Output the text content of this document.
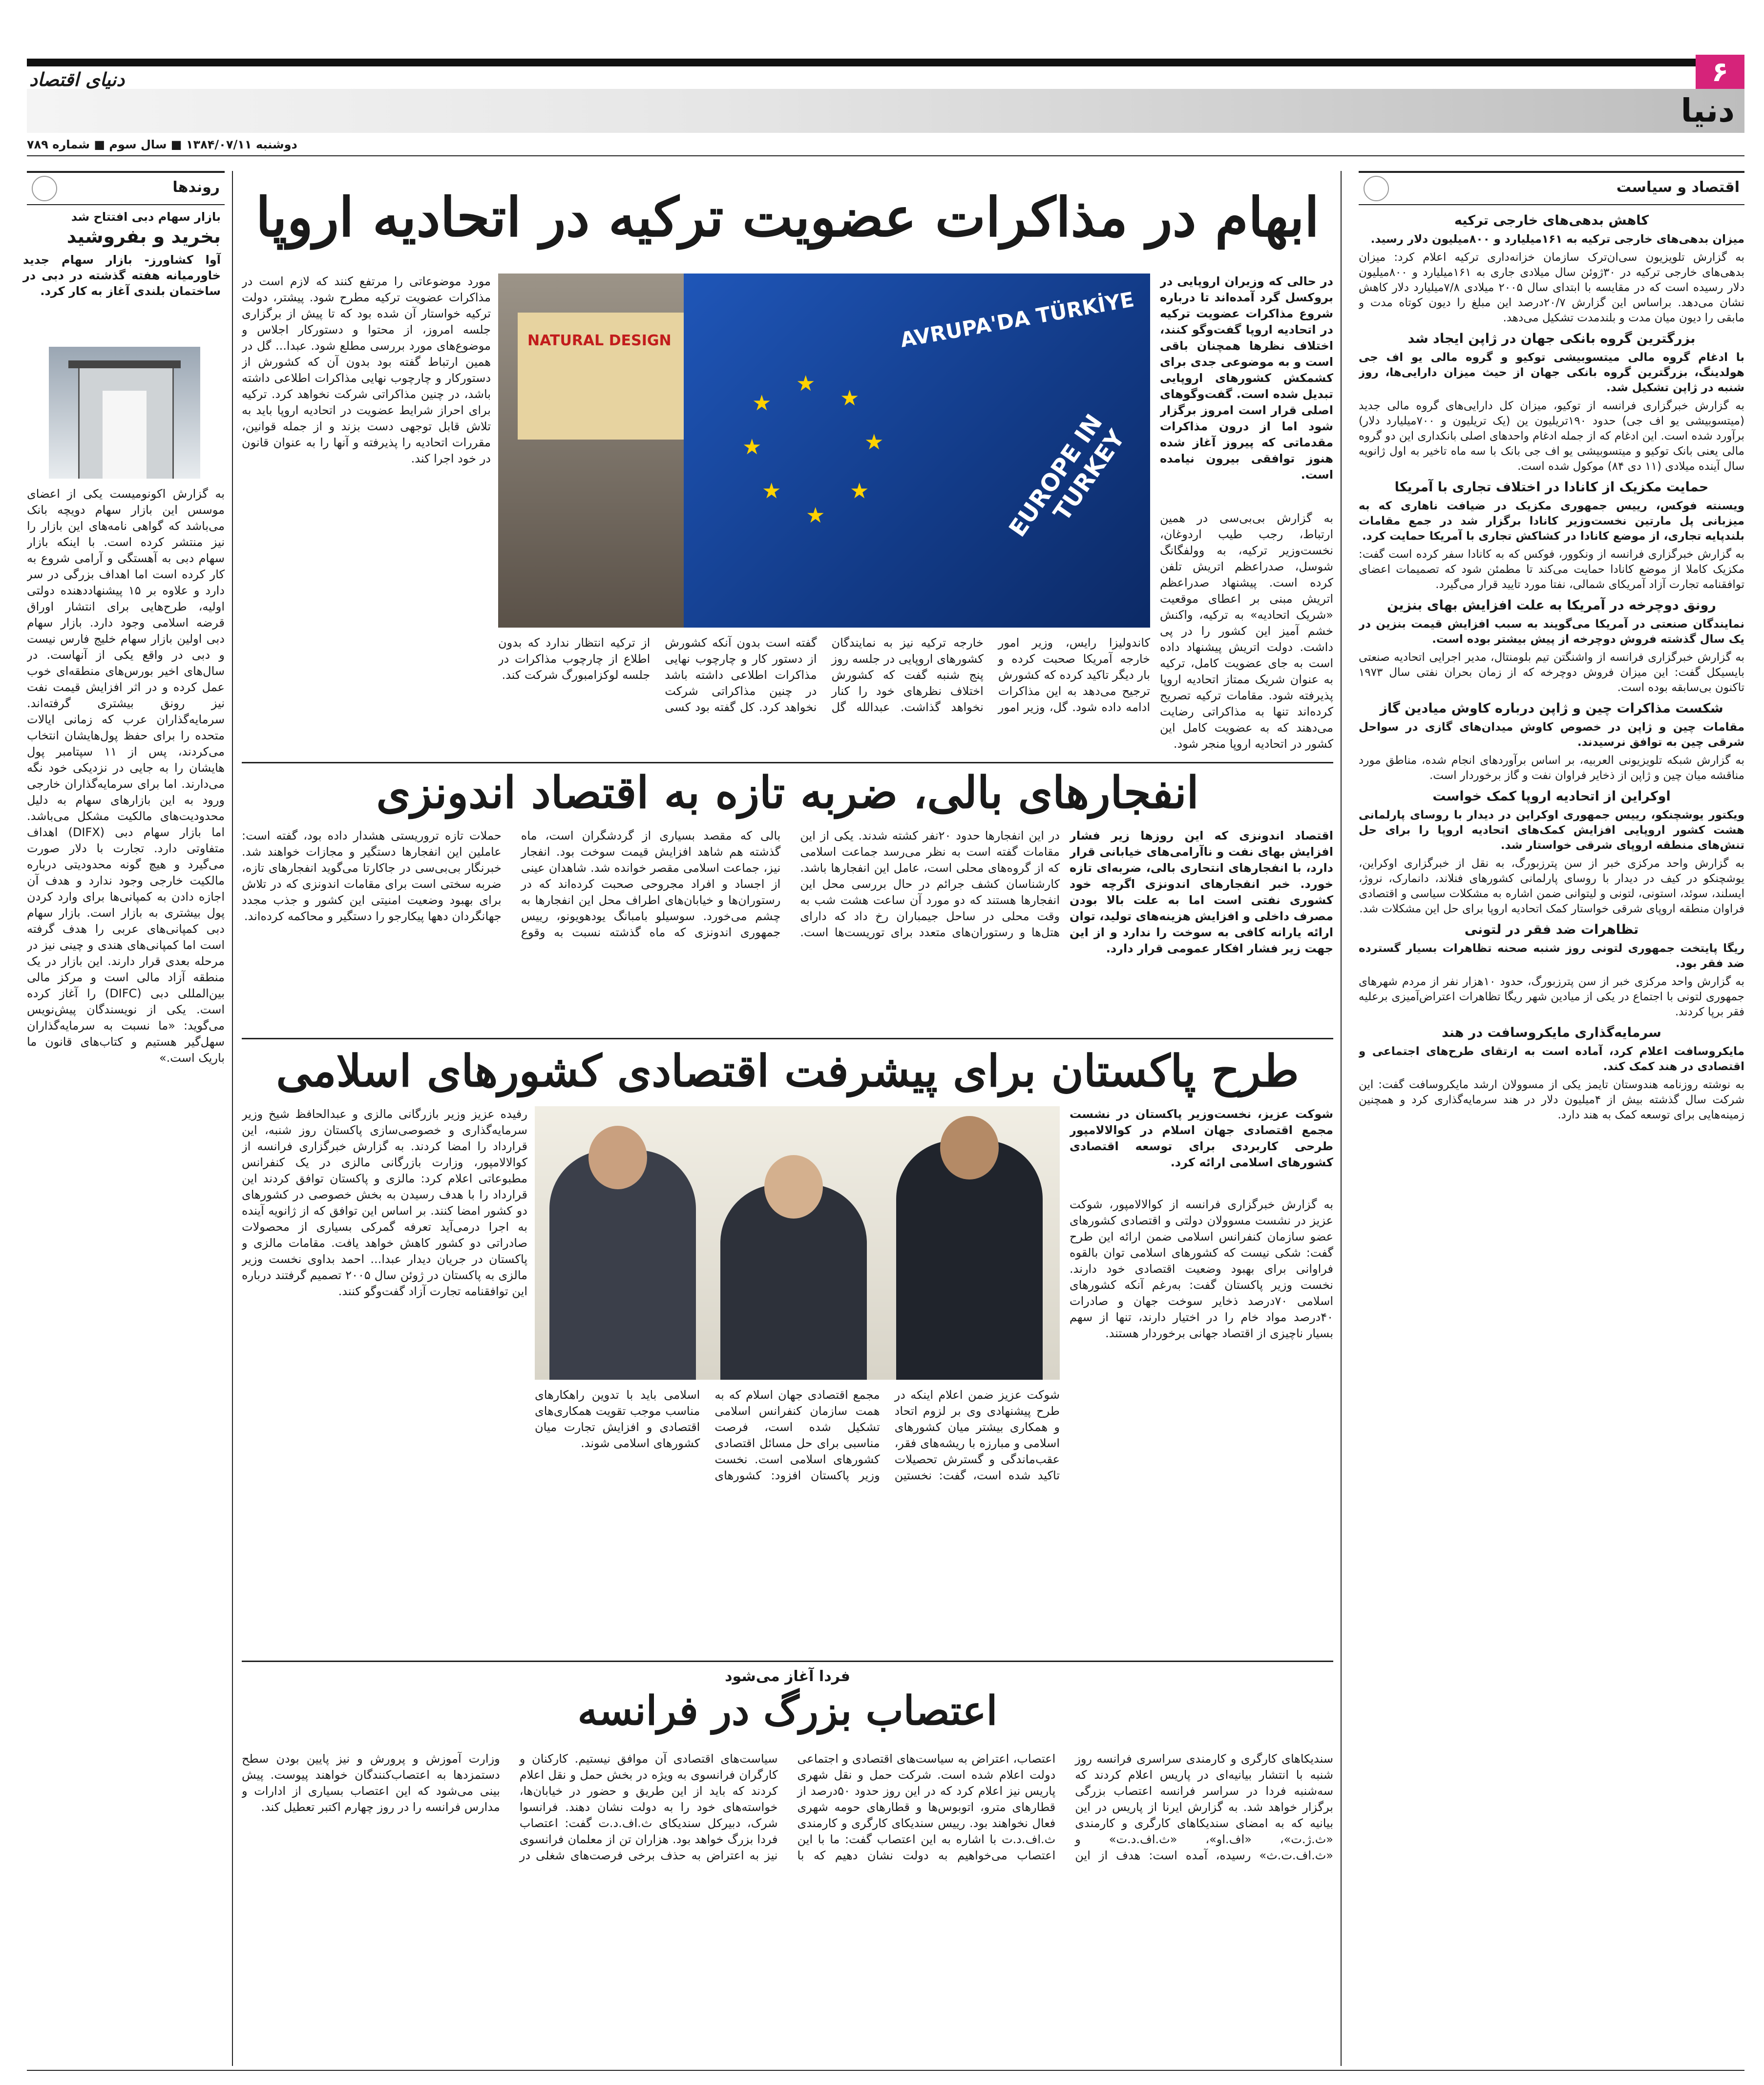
۶
دنیا
دنیای اقتصاد
دوشنبه ۱۳۸۴/۰۷/۱۱ ■ سال سوم ■ شماره ۷۸۹
اقتصاد و سیاست
کاهش بدهی‌های خارجی ترکیه

میزان بدهی‌های خارجی ترکیه به ۱۶۱میلیارد و ۸۰۰میلیون دلار رسید.

به گزارش تلویزیون سی‌ان‌ترک سازمان خزانه‌داری ترکیه اعلام کرد: میزان بدهی‌های خارجی ترکیه در ۳۰ژوئن سال میلادی جاری به ۱۶۱میلیارد و ۸۰۰میلیون دلار رسیده است که در مقایسه با ابتدای سال ۲۰۰۵ میلادی ۷/۸میلیارد دلار کاهش نشان می‌دهد. براساس این گزارش ۲۰/۷درصد این مبلغ را دیون کوتاه مدت و مابقی را دیون میان مدت و بلندمدت تشکیل می‌دهد.

بزرگترین گروه بانکی جهان در ژاپن ایجاد شد

با ادغام گروه مالی میتسوبیشی توکیو و گروه مالی یو اف جی هولدینگ، بزرگترین گروه بانکی جهان از حیث میزان دارایی‌ها، روز شنبه در ژاپن تشکیل شد.

به گزارش خبرگزاری فرانسه از توکیو، میزان کل دارایی‌های گروه مالی جدید (میتسوبیشی یو اف جی) حدود ۱۹۰تریلیون ین (یک تریلیون و ۷۰۰میلیارد دلار) برآورد شده است. این ادغام که از جمله ادغام واحدهای اصلی بانکداری این دو گروه مالی یعنی بانک توکیو و میتسوبیشی یو اف جی بانک با سه ماه تاخیر به اول ژانویه سال آینده میلادی (۱۱ دی ۸۴) موکول شده است.

حمایت مکزیک از کانادا در اختلاف تجاری با آمریکا

ویسنته فوکس، رییس جمهوری مکزیک در ضیافت ناهاری که به میزبانی پل مارتین نخست‌وزیر کانادا برگزار شد در جمع مقامات بلندپایه تجاری، از موضع کانادا در کشاکش تجاری با آمریکا حمایت کرد.

به گزارش خبرگزاری فرانسه از ونکوور، فوکس که به کانادا سفر کرده است گفت: مکزیک کاملا از موضع کانادا حمایت می‌کند تا مطمئن شود که تصمیمات اعضای توافقنامه تجارت آزاد آمریکای شمالی، نفتا مورد تایید قرار می‌گیرد.

رونق دوچرخه در آمریکا به علت افزایش بهای بنزین

نمایندگان صنعتی در آمریکا می‌گویند به سبب افزایش قیمت بنزین در یک سال گذشته فروش دوچرخه از پیش بیشتر بوده است.

به گزارش خبرگزاری فرانسه از واشنگتن تیم بلومنتال، مدیر اجرایی اتحادیه صنعتی بایسیکل گفت: این میزان فروش دوچرخه که از زمان بحران نفتی سال ۱۹۷۳ تاکنون بی‌سابقه بوده است.

شکست مذاکرات چین و ژاپن درباره کاوش میادین گاز

مقامات چین و ژاپن در خصوص کاوش میدان‌های گازی در سواحل شرقی چین به توافق نرسیدند.

به گزارش شبکه تلویزیونی العربیه، بر اساس برآوردهای انجام شده، مناطق مورد مناقشه میان چین و ژاپن از ذخایر فراوان نفت و گاز برخوردار است.

اوکراین از اتحادیه اروپا کمک خواست

ویکتور یوشچنکو، رییس جمهوری اوکراین در دیدار با روسای پارلمانی هشت کشور اروپایی افزایش کمک‌های اتحادیه اروپا را برای حل تنش‌های منطقه اروپای شرقی خواستار شد.

به گزارش واحد مرکزی خبر از سن پترزبورگ، به نقل از خبرگزاری اوکراین، یوشچنکو در کیف در دیدار با روسای پارلمانی کشورهای فنلاند، دانمارک، نروژ، ایسلند، سوئد، استونی، لتونی و لیتوانی ضمن اشاره به مشکلات سیاسی و اقتصادی فراوان منطقه اروپای شرقی خواستار کمک اتحادیه اروپا برای حل این مشکلات شد.

تظاهرات ضد فقر در لتونی

ریگا پایتخت جمهوری لتونی روز شنبه صحنه تظاهرات بسیار گسترده ضد فقر بود.

به گزارش واحد مرکزی خبر از سن پترزبورگ، حدود ۱۰هزار نفر از مردم شهرهای جمهوری لتونی با اجتماع در یکی از میادین شهر ریگا تظاهرات اعتراض‌آمیزی برعلیه فقر برپا کردند.

سرمایه‌گذاری مایکروسافت در هند

مایکروسافت اعلام کرد، آماده است به ارتقای طرح‌های اجتماعی و اقتصادی در هند کمک کند.

به نوشته روزنامه هندوستان تایمز یکی از مسوولان ارشد مایکروسافت گفت: این شرکت سال گذشته بیش از ۴میلیون دلار در هند سرمایه‌گذاری کرد و همچنین زمینه‌هایی برای توسعه کمک به هند دارد.

روندها
بازار سهام دبی افتتاح شد
بخرید و بفروشید
آوا کشاورز- بازار سهام جدید خاورمیانه هفته گذشته در دبی در ساختمان بلندی آغاز به کار کرد.
به گزارش اکونومیست یکی از اعضای موسس این بازار سهام دویچه بانک می‌باشد که گواهی نامه‌های این بازار را نیز منتشر کرده است. با اینکه بازار سهام دبی به آهستگی و آرامی شروع به کار کرده است اما اهداف بزرگی در سر دارد و علاوه بر ۱۵ پیشنهاددهنده دولتی اولیه، طرح‌هایی برای انتشار اوراق قرضه اسلامی وجود دارد. بازار سهام دبی اولین بازار سهام خلیج فارس نیست و دبی در واقع یکی از آنهاست. در سال‌های اخیر بورس‌های منطقه‌ای خوب عمل کرده و در اثر افزایش قیمت نفت نیز رونق بیشتری گرفته‌اند. سرمایه‌گذاران عرب که زمانی ایالات متحده را برای حفظ پول‌هایشان انتخاب می‌کردند، پس از ۱۱ سپتامبر پول هایشان را به جایی در نزدیکی خود نگه می‌دارند. اما برای سرمایه‌گذاران خارجی ورود به این بازارهای سهام به دلیل محدودیت‌های مالکیت مشکل می‌باشد. اما بازار سهام دبی (DIFX) اهداف متفاوتی دارد. تجارت با دلار صورت می‌گیرد و هیچ گونه محدودیتی درباره مالکیت خارجی وجود ندارد و هدف آن اجازه دادن به کمپانی‌ها برای وارد کردن پول بیشتری به بازار است. بازار سهام دبی کمپانی‌های عربی را هدف گرفته است اما کمپانی‌های هندی و چینی نیز در مرحله بعدی قرار دارند. این بازار در یک منطقه آزاد مالی است و مرکز مالی بین‌المللی دبی (DIFC) را آغاز کرده است. یکی از نویسندگان پیش‌نویس می‌گوید: «ما نسبت به سرمایه‌گذاران سهل‌گیر هستیم و کتاب‌های قانون ما باریک است.»
ابهام در مذاکرات عضویت ترکیه در اتحادیه اروپا
در حالی که وزیران اروپایی در بروکسل گرد آمده‌اند تا درباره شروع مذاکرات عضویت ترکیه در اتحادیه اروپا گفت‌وگو کنند، اختلاف نظرها همچنان باقی است و به موضوعی جدی برای کشمکش کشورهای اروپایی تبدیل شده است. گفت‌وگوهای اصلی قرار است امروز برگزار شود اما از درون مذاکرات مقدماتی که پیروز آغاز شده هنوز توافقی بیرون نیامده است.
به گزارش بی‌بی‌سی در همین ارتباط، رجب طیب اردوغان، نخست‌وزیر ترکیه، به وولفگانگ شوسل، صدراعظم اتریش تلفن کرده است. پیشنهاد صدراعظم اتریش مبنی بر اعطای موقعیت «شریک اتحادیه» به ترکیه، واکنش خشم آمیز این کشور را در پی داشت. دولت اتریش پیشنهاد داده است به جای عضویت کامل، ترکیه به عنوان شریک ممتاز اتحادیه اروپا پذیرفته شود. مقامات ترکیه تصریح کرده‌اند تنها به مذاکراتی رضایت می‌دهند که به عضویت کامل این کشور در اتحادیه اروپا منجر شود.
NATURAL DESIGN	AVRUPA'DA TÜRKİYE
EUROPE IN TURKEY
★
★
★
★
★
★
★
★
کاندولیزا رایس، وزیر امور خارجه آمریکا صحبت کرده و بار دیگر تاکید کرده که کشورش ترجیح می‌دهد به این مذاکرات ادامه داده شود. گل، وزیر امور خارجه ترکیه نیز به نمایندگان کشورهای اروپایی در جلسه روز پنج شنبه گفت که کشورش اختلاف نظرهای خود را کنار نخواهد گذاشت. عبدالله گل گفته است بدون آنکه کشورش از دستور کار و چارچوب نهایی مذاکرات اطلاعی داشته باشد در چنین مذاکراتی شرکت نخواهد کرد. کل گفته بود کسی از ترکیه انتظار ندارد که بدون اطلاع از چارچوب مذاکرات در جلسه لوکزامبورگ شرکت کند.
مورد موضوعاتی را مرتفع کنند که لازم است در مذاکرات عضویت ترکیه مطرح شود. پیشتر، دولت ترکیه خواستار آن شده بود که تا پیش از برگزاری جلسه امروز، از محتوا و دستورکار اجلاس و موضوع‌های مورد بررسی مطلع شود. عبدا... گل در همین ارتباط گفته بود بدون آن که کشورش از دستورکار و چارچوب نهایی مذاکرات اطلاعی داشته باشد، در چنین مذاکراتی شرکت نخواهد کرد. ترکیه برای احراز شرایط عضویت در اتحادیه اروپا باید به تلاش قابل توجهی دست بزند و از جمله قوانین، مقررات اتحادیه را پذیرفته و آنها را به عنوان قانون در خود اجرا کند.
انفجارهای بالی، ضربه تازه به اقتصاد اندونزی
اقتصاد اندونزی که این روزها زیر فشار افزایش بهای نفت و ناآرامی‌های خیابانی قرار دارد، با انفجارهای انتحاری بالی، ضربه‌ای تازه خورد. خبر انفجارهای اندونزی اگرچه خود کشوری نفتی است اما به علت بالا بودن مصرف داخلی و افزایش هزینه‌های تولید، توان ارائه یارانه کافی به سوخت را ندارد و از این جهت زیر فشار افکار عمومی قرار دارد.
در این انفجارها حدود ۲۰نفر کشته شدند. یکی از این مقامات گفته است به نظر می‌رسد جماعت اسلامی که از گروه‌های محلی است، عامل این انفجارها باشد. کارشناسان کشف جرائم در حال بررسی محل این انفجارها هستند که دو مورد آن ساعت هشت شب به وقت محلی در ساحل جیمباران رخ داد که دارای هتل‌ها و رستوران‌های متعدد برای توریست‌ها است. بالی که مقصد بسیاری از گردشگران است، ماه گذشته هم شاهد افزایش قیمت سوخت بود. انفجار نیز، جماعت اسلامی مقصر خوانده شد. شاهدان عینی از اجساد و افراد مجروحی صحبت کرده‌اند که در رستوران‌ها و خیابان‌های اطراف محل این انفجارها به چشم می‌خورد. سوسیلو بامبانگ یودهویونو، رییس جمهوری اندونزی که ماه گذشته نسبت به وقوع حملات تازه تروریستی هشدار داده بود، گفته است: عاملین این انفجارها دستگیر و مجازات خواهند شد. خبرنگار بی‌بی‌سی در جاکارتا می‌گوید انفجارهای تازه، ضربه سختی است برای مقامات اندونزی که در تلاش برای بهبود وضعیت امنیتی این کشور و جذب مجدد جهانگردان دهها پیکارجو را دستگیر و محاکمه کرده‌اند.
طرح پاکستان برای پیشرفت اقتصادی کشورهای اسلامی
شوکت عزیز، نخست‌وزیر پاکستان در نشست مجمع اقتصادی جهان اسلام در کوالالامپور طرحی کاربردی برای توسعه اقتصادی کشورهای اسلامی ارائه کرد.
به گزارش خبرگزاری فرانسه از کوالالامپور، شوکت عزیز در نشست مسوولان دولتی و اقتصادی کشورهای عضو سازمان کنفرانس اسلامی ضمن ارائه این طرح گفت: شکی نیست که کشورهای اسلامی توان بالقوه فراوانی برای بهبود وضعیت اقتصادی خود دارند. نخست وزیر پاکستان گفت: به‌رغم آنکه کشورهای اسلامی ۷۰درصد ذخایر سوخت جهان و صادرات ۴۰درصد مواد خام را در اختیار دارند، تنها از سهم بسیار ناچیزی از اقتصاد جهانی برخوردار هستند.
شوکت عزیز ضمن اعلام اینکه در طرح پیشنهادی وی بر لزوم اتحاد و همکاری بیشتر میان کشورهای اسلامی و مبارزه با ریشه‌های فقر، عقب‌ماندگی و گسترش تحصیلات تاکید شده است، گفت: نخستین مجمع اقتصادی جهان اسلام که به همت سازمان کنفرانس اسلامی تشکیل شده است، فرصت مناسبی برای حل مسائل اقتصادی کشورهای اسلامی است. نخست وزیر پاکستان افزود: کشورهای اسلامی باید با تدوین راهکارهای مناسب موجب تقویت همکاری‌های اقتصادی و افزایش تجارت میان کشورهای اسلامی شوند.
رفیده عزیز وزیر بازرگانی مالزی و عبدالحافظ شیخ وزیر سرمایه‌گذاری و خصوصی‌سازی پاکستان روز شنبه، این قرارداد را امضا کردند. به گزارش خبرگزاری فرانسه از کوالالامپور، وزارت بازرگانی مالزی در یک کنفرانس مطبوعاتی اعلام کرد: مالزی و پاکستان توافق کردند این قرارداد را با هدف رسیدن به بخش خصوصی در کشورهای دو کشور امضا کنند. بر اساس این توافق که از ژانویه آینده به اجرا درمی‌آید تعرفه گمرکی بسیاری از محصولات صادراتی دو کشور کاهش خواهد یافت. مقامات مالزی و پاکستان در جریان دیدار عبدا... احمد بداوی نخست وزیر مالزی به پاکستان در ژوئن سال ۲۰۰۵ تصمیم گرفتند درباره این توافقنامه تجارت آزاد گفت‌وگو کنند.
فردا آغاز می‌شود
اعتصاب بزرگ در فرانسه
سندیکاهای کارگری و کارمندی سراسری فرانسه روز شنبه با انتشار بیانیه‌ای در پاریس اعلام کردند که سه‌شنبه فردا در سراسر فرانسه اعتصاب بزرگی برگزار خواهد شد. به گزارش ایرنا از پاریس در این بیانیه که به امضای سندیکاهای کارگری و کارمندی «ث.ژ.ت»، «اف.او»، «ث.اف.د.ت» و «ث.اف.ت.ث» رسیده، آمده است: هدف از این اعتصاب، اعتراض به سیاست‌های اقتصادی و اجتماعی دولت اعلام شده است. شرکت حمل و نقل شهری پاریس نیز اعلام کرد که در این روز حدود ۵۰درصد از قطارهای مترو، اتوبوس‌ها و قطارهای حومه شهری فعال نخواهند بود. رییس سندیکای کارگری و کارمندی ث.اف.د.ت با اشاره به این اعتصاب گفت: ما با این اعتصاب می‌خواهیم به دولت نشان دهیم که با سیاست‌های اقتصادی آن موافق نیستیم. کارکنان و کارگران فرانسوی به ویژه در بخش حمل و نقل اعلام کردند که باید از این طریق و حضور در خیابان‌ها، خواسته‌های خود را به دولت نشان دهند. فرانسوا شرک، دبیرکل سندیکای ث.اف.د.ت گفت: اعتصاب فردا بزرگ خواهد بود. هزاران تن از معلمان فرانسوی نیز به اعتراض به حذف برخی فرصت‌های شغلی در وزارت آموزش و پرورش و نیز پایین بودن سطح دستمزدها به اعتصاب‌کنندگان خواهند پیوست. پیش بینی می‌شود که این اعتصاب بسیاری از ادارات و مدارس فرانسه را در روز چهارم اکتبر تعطیل کند.
